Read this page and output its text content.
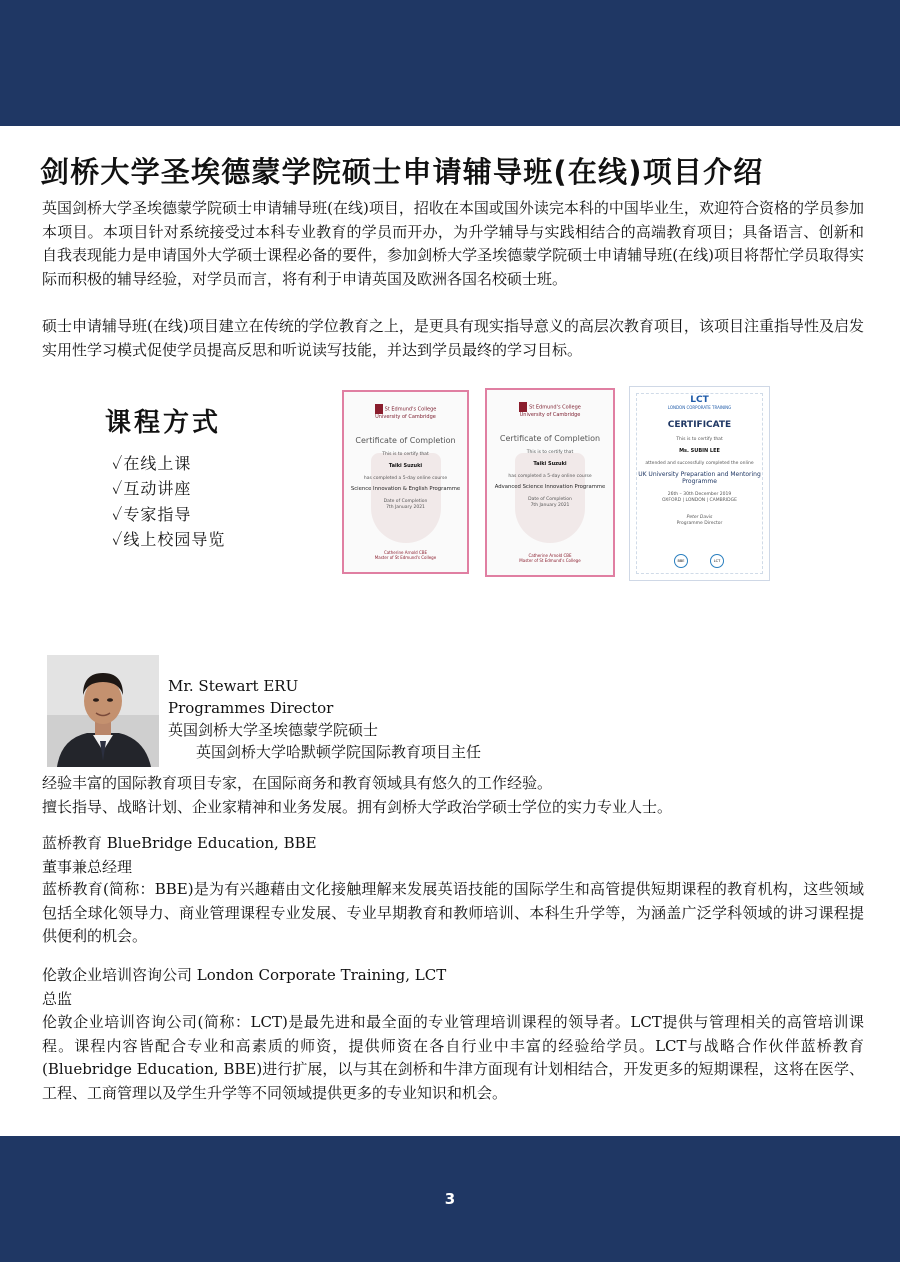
剑桥大学圣埃德蒙学院硕士申请辅导班(在线)项目介绍

英国剑桥大学圣埃德蒙学院硕士申请辅导班(在线)项目，招收在本国或国外读完本科的中国毕业生，欢迎符合资格的学员参加本项目。本项目针对系统接受过本科专业教育的学员而开办，为升学辅导与实践相结合的高端教育项目；具备语言、创新和自我表现能力是申请国外大学硕士课程必备的要件，参加剑桥大学圣埃德蒙学院硕士申请辅导班(在线)项目将帮忙学员取得实际而积极的辅导经验，对学员而言，将有利于申请英国及欧洲各国名校硕士班。

硕士申请辅导班(在线)项目建立在传统的学位教育之上，是更具有现实指导意义的高层次教育项目，该项目注重指导性及启发实用性学习模式促使学员提高反思和听说读写技能，并达到学员最终的学习目标。

课程方式
✓在线上课
✓互动讲座
✓专家指导
✓线上校园导览
St Edmund's College
University of Cambridge
Certificate of Completion
This is to certify that
Taiki Suzuki
has completed a 5-day online course
Science Innovation & English Programme
Date of Completion
7th January 2021
Catherine Arnold CBE
Master of St Edmund's College
St Edmund's College
University of Cambridge
Certificate of Completion
This is to certify that
Taiki Suzuki
has completed a 5-day online course
Advanced Science Innovation Programme
Date of Completion
7th January 2021
Catherine Arnold CBE
Master of St Edmund's College
LCT
LONDON CORPORATE TRAINING
CERTIFICATE
This is to certify that
Ms. SUBIN LEE
attended and successfully completed the online
UK University Preparation and Mentoring Programme
26th – 30th December 2019
OXFORD | LONDON | CAMBRIDGE
Peter Davis
Programme Director
BBE	LCT
Mr. Stewart ERU
Programmes Director
英国剑桥大学圣埃德蒙学院硕士
英国剑桥大学哈默顿学院国际教育项目主任
经验丰富的国际教育项目专家，在国际商务和教育领域具有悠久的工作经验。
擅长指导、战略计划、企业家精神和业务发展。拥有剑桥大学政治学硕士学位的实力专业人士。
蓝桥教育 BlueBridge Education, BBE
董事兼总经理

蓝桥教育(简称：BBE)是为有兴趣藉由文化接触理解来发展英语技能的国际学生和高管提供短期课程的教育机构，这些领域包括全球化领导力、商业管理课程专业发展、专业早期教育和教师培训、本科生升学等，为涵盖广泛学科领域的讲习课程提供便利的机会。

伦敦企业培训咨询公司 London Corporate Training, LCT
总监

伦敦企业培训咨询公司(简称：LCT)是最先进和最全面的专业管理培训课程的领导者。LCT提供与管理相关的高管培训课程。课程内容皆配合专业和高素质的师资，提供师资在各自行业中丰富的经验给学员。LCT与战略合作伙伴蓝桥教育(Bluebridge Education, BBE)进行扩展，以与其在剑桥和牛津方面现有计划相结合，开发更多的短期课程，这将在医学、工程、工商管理以及学生升学等不同领域提供更多的专业知识和机会。

3
